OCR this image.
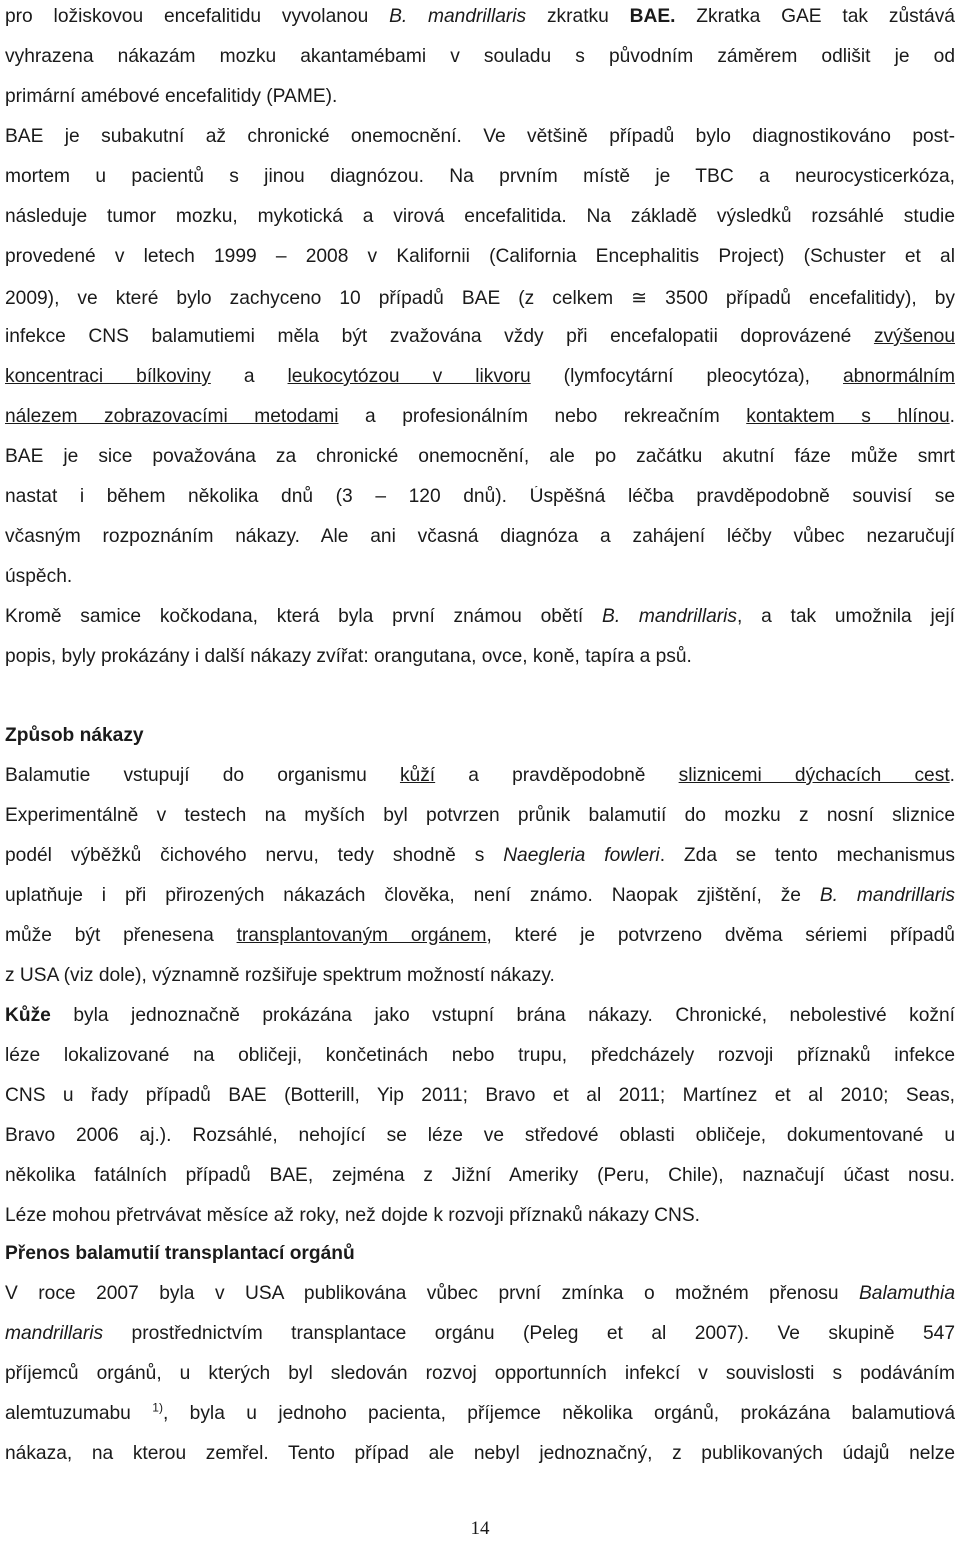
pro ložiskovou encefalitidu vyvolanou B. mandrillaris zkratku BAE. Zkratka GAE tak zůstává
vyhrazena nákazám mozku akantamébami v souladu s původním záměrem odlišit je od
primární amébové encefalitidy (PAME).
BAE je subakutní až chronické onemocnění. Ve většině případů bylo diagnostikováno post-
mortem u pacientů s jinou diagnózou. Na prvním místě je TBC a neurocysticerkóza,
následuje tumor mozku, mykotická a virová encefalitida. Na základě výsledků rozsáhlé studie
provedené v letech 1999 – 2008 v Kalifornii (California Encephalitis Project) (Schuster et al
2009), ve které bylo zachyceno 10 případů BAE (z celkem ≅ 3500 případů encefalitidy), by
infekce CNS balamutiemi měla být zvažována vždy při encefalopatii doprovázené zvýšenou
koncentraci bílkoviny a leukocytózou v likvoru (lymfocytární pleocytóza), abnormálním
nálezem zobrazovacími metodami a profesionálním nebo rekreačním kontaktem s hlínou.
BAE je sice považována za chronické onemocnění, ale po začátku akutní fáze může smrt
nastat i během několika dnů (3 – 120 dnů). Úspěšná léčba pravděpodobně souvisí se
včasným rozpoznáním nákazy. Ale ani včasná diagnóza a zahájení léčby vůbec nezaručují
úspěch.
Kromě samice kočkodana, která byla první známou obětí B. mandrillaris, a tak umožnila její
popis, byly prokázány i další nákazy zvířat: orangutana, ovce, koně, tapíra a psů.
Způsob nákazy
Balamutie vstupují do organismu kůží a pravděpodobně sliznicemi dýchacích cest.
Experimentálně v testech na myších byl potvrzen průnik balamutií do mozku z nosní sliznice
podél výběžků čichového nervu, tedy shodně s Naegleria fowleri. Zda se tento mechanismus
uplatňuje i při přirozených nákazách člověka, není známo. Naopak zjištění, že B. mandrillaris
může být přenesena transplantovaným orgánem, které je potvrzeno dvěma sériemi případů
z USA (viz dole), významně rozšiřuje spektrum možností nákazy.
Kůže byla jednoznačně prokázána jako vstupní brána nákazy. Chronické, nebolestivé kožní
léze lokalizované na obličeji, končetinách nebo trupu, předcházely rozvoji příznaků infekce
CNS u řady případů BAE (Botterill, Yip 2011; Bravo et al 2011; Martínez et al 2010; Seas,
Bravo 2006 aj.). Rozsáhlé, nehojící se léze ve středové oblasti obličeje, dokumentované u
několika fatálních případů BAE, zejména z Jižní Ameriky (Peru, Chile), naznačují účast nosu.
Léze mohou přetrvávat měsíce až roky, než dojde k rozvoji příznaků nákazy CNS.
Přenos balamutií transplantací orgánů
V roce 2007 byla v USA publikována vůbec první zmínka o možném přenosu Balamuthia
mandrillaris prostřednictvím transplantace orgánu (Peleg et al 2007). Ve skupině 547
příjemců orgánů, u kterých byl sledován rozvoj opportunních infekcí v souvislosti s podáváním
alemtuzumabu $^{1)}$, byla u jednoho pacienta, příjemce několika orgánů, prokázána balamutiová
nákaza, na kterou zemřel. Tento případ ale nebyl jednoznačný, z publikovaných údajů nelze
14
